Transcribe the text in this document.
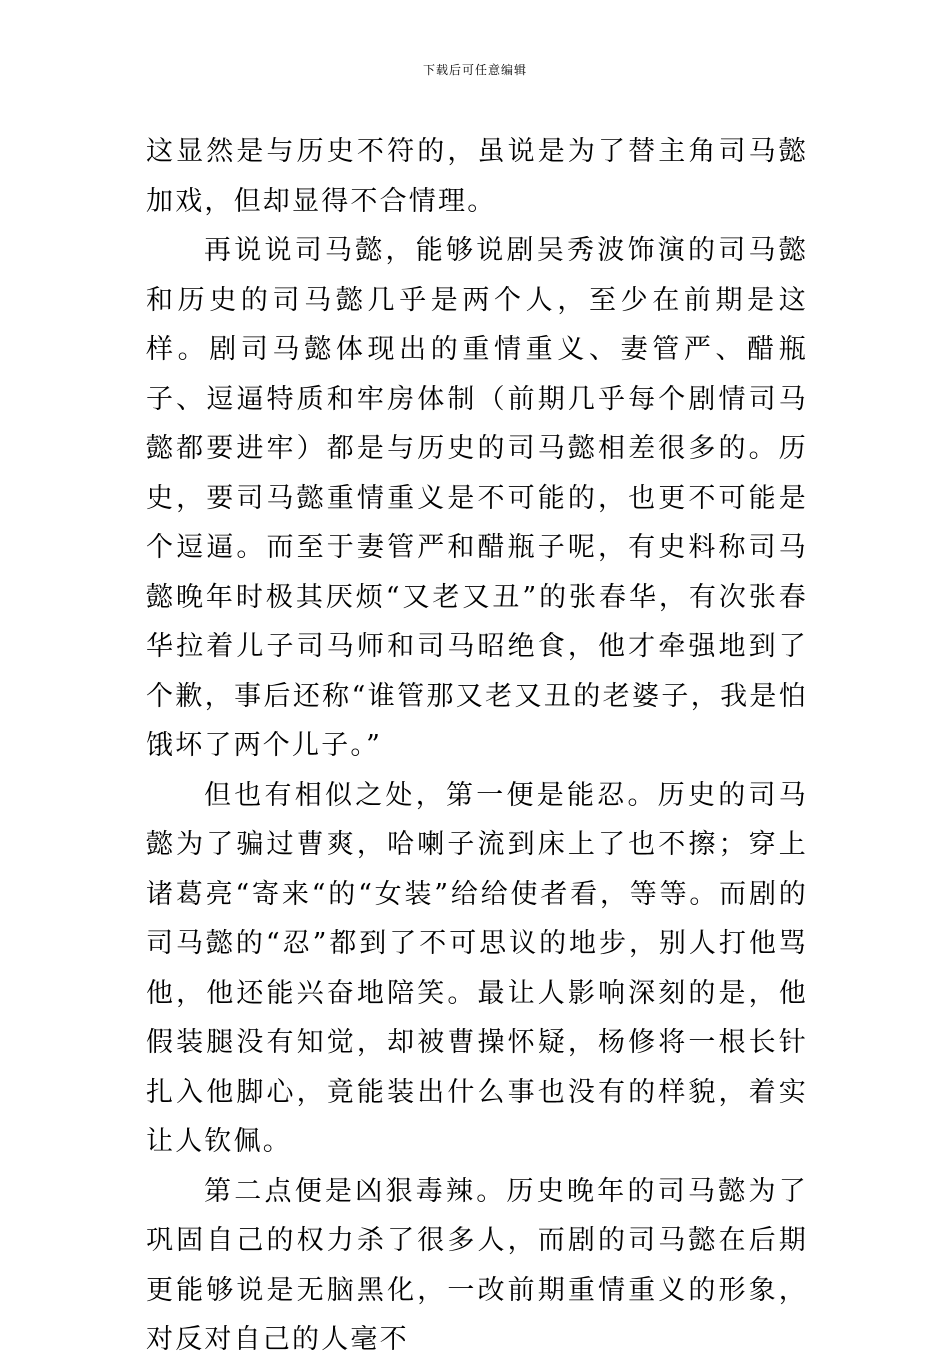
下载后可任意编辑

这显然是与历史不符的，虽说是为了替主角司马懿加戏，但却显得不合情理。

再说说司马懿，能够说剧吴秀波饰演的司马懿和历史的司马懿几乎是两个人，至少在前期是这样。剧司马懿体现出的重情重义、妻管严、醋瓶子、逗逼特质和牢房体制（前期几乎每个剧情司马懿都要进牢）都是与历史的司马懿相差很多的。历史，要司马懿重情重义是不可能的，也更不可能是个逗逼。而至于妻管严和醋瓶子呢，有史料称司马懿晚年时极其厌烦“又老又丑”的张春华，有次张春华拉着儿子司马师和司马昭绝食，他才牵强地到了个歉，事后还称“谁管那又老又丑的老婆子，我是怕饿坏了两个儿子。”

但也有相似之处，第一便是能忍。历史的司马懿为了骗过曹爽，哈喇子流到床上了也不擦；穿上诸葛亮“寄来“的“女装”给给使者看，等等。而剧的司马懿的“忍”都到了不可思议的地步，别人打他骂他，他还能兴奋地陪笑。最让人影响深刻的是，他假装腿没有知觉，却被曹操怀疑，杨修将一根长针扎入他脚心，竟能装出什么事也没有的样貌，着实让人钦佩。

第二点便是凶狠毒辣。历史晚年的司马懿为了巩固自己的权力杀了很多人，而剧的司马懿在后期更能够说是无脑黑化，一改前期重情重义的形象，对反对自己的人毫不
